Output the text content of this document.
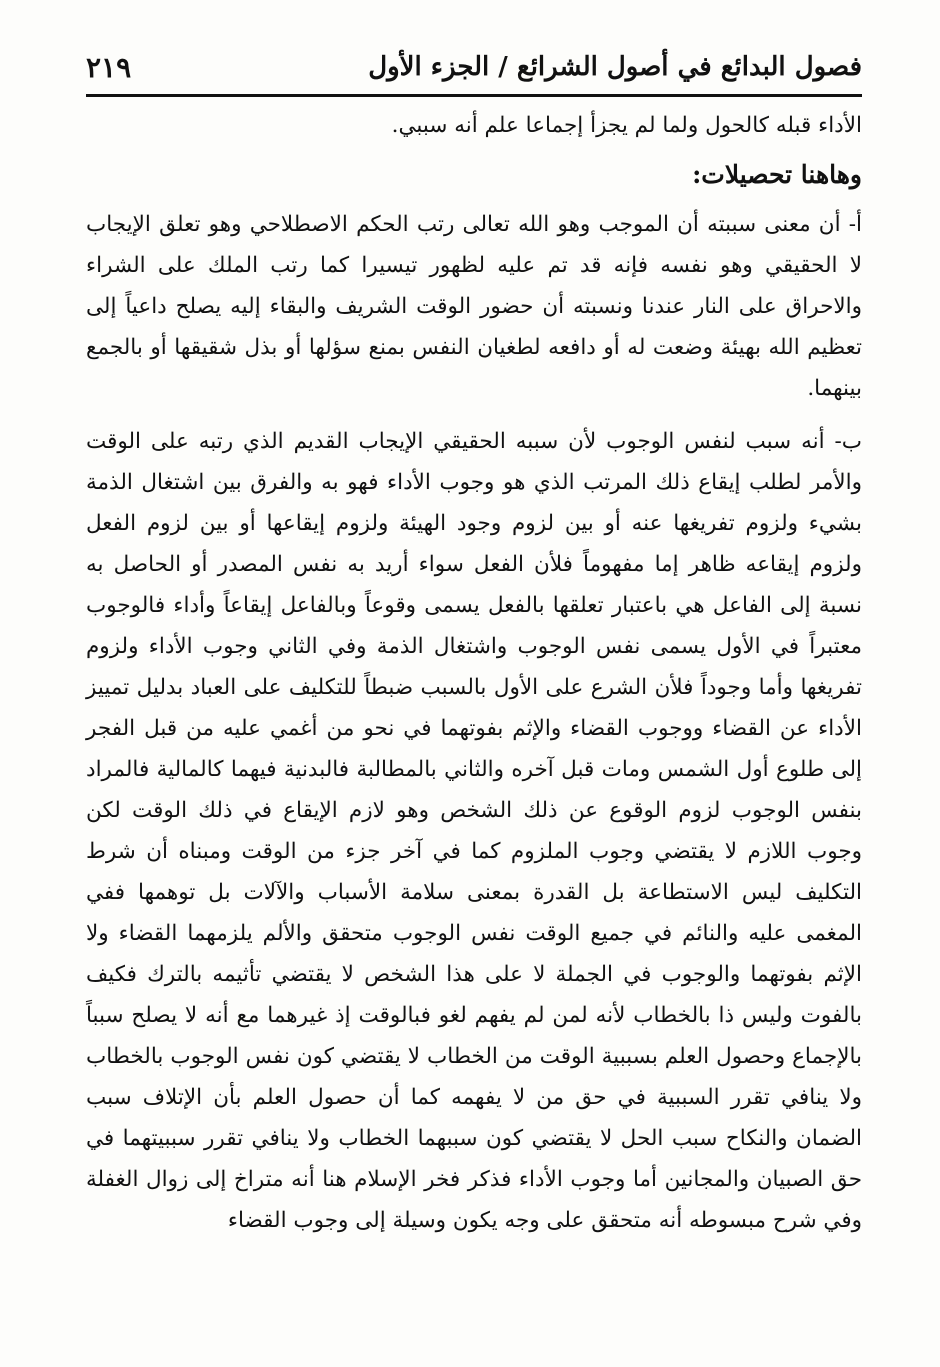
فصول البدائع في أصول الشرائع / الجزء الأول
٢١٩

الأداء قبله كالحول ولما لم يجزأ إجماعا علم أنه سببي.

وهاهنا تحصيلات:

أ- أن معنى سببته أن الموجب وهو الله تعالى رتب الحكم الاصطلاحي وهو تعلق الإيجاب لا الحقيقي وهو نفسه فإنه قد تم عليه لظهور تيسيرا كما رتب الملك على الشراء والاحراق على النار عندنا ونسبته أن حضور الوقت الشريف والبقاء إليه يصلح داعياً إلى تعظيم الله بهيئة وضعت له أو دافعه لطغيان النفس بمنع سؤلها أو بذل شقيقها أو بالجمع بينهما.

ب- أنه سبب لنفس الوجوب لأن سببه الحقيقي الإيجاب القديم الذي رتبه على الوقت والأمر لطلب إيقاع ذلك المرتب الذي هو وجوب الأداء فهو به والفرق بين اشتغال الذمة بشيء ولزوم تفريغها عنه أو بين لزوم وجود الهيئة ولزوم إيقاعها أو بين لزوم الفعل ولزوم إيقاعه ظاهر إما مفهوماً فلأن الفعل سواء أريد به نفس المصدر أو الحاصل به نسبة إلى الفاعل هي باعتبار تعلقها بالفعل يسمى وقوعاً وبالفاعل إيقاعاً وأداء فالوجوب معتبراً في الأول يسمى نفس الوجوب واشتغال الذمة وفي الثاني وجوب الأداء ولزوم تفريغها وأما وجوداً فلأن الشرع على الأول بالسبب ضبطاً للتكليف على العباد بدليل تمييز الأداء عن القضاء ووجوب القضاء والإثم بفوتهما في نحو من أغمي عليه من قبل الفجر إلى طلوع أول الشمس ومات قبل آخره والثاني بالمطالبة فالبدنية فيهما كالمالية فالمراد بنفس الوجوب لزوم الوقوع عن ذلك الشخص وهو لازم الإيقاع في ذلك الوقت لكن وجوب اللازم لا يقتضي وجوب الملزوم كما في آخر جزء من الوقت ومبناه أن شرط التكليف ليس الاستطاعة بل القدرة بمعنى سلامة الأسباب والآلات بل توهمها ففي المغمى عليه والنائم في جميع الوقت نفس الوجوب متحقق والألم يلزمهما القضاء ولا الإثم بفوتهما والوجوب في الجملة لا على هذا الشخص لا يقتضي تأثيمه بالترك فكيف بالفوت وليس ذا بالخطاب لأنه لمن لم يفهم لغو فبالوقت إذ غيرهما مع أنه لا يصلح سبباً بالإجماع وحصول العلم بسببية الوقت من الخطاب لا يقتضي كون نفس الوجوب بالخطاب ولا ينافي تقرر السببية في حق من لا يفهمه كما أن حصول العلم بأن الإتلاف سبب الضمان والنكاح سبب الحل لا يقتضي كون سببهما الخطاب ولا ينافي تقرر سببيتهما في حق الصبيان والمجانين أما وجوب الأداء فذكر فخر الإسلام هنا أنه متراخ إلى زوال الغفلة وفي شرح مبسوطه أنه متحقق على وجه يكون وسيلة إلى وجوب القضاء
